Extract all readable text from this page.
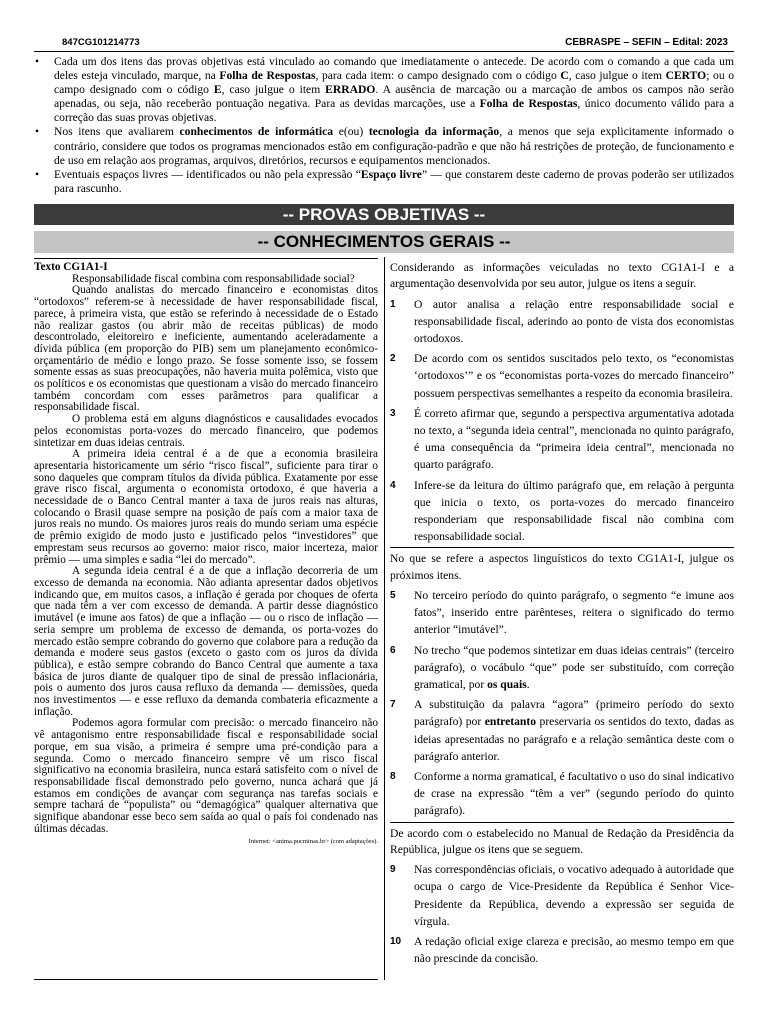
847CG101214773	CEBRASPE – SEFIN – Edital: 2023
• Cada um dos itens das provas objetivas está vinculado ao comando que imediatamente o antecede. De acordo com o comando a que cada um deles esteja vinculado, marque, na Folha de Respostas, para cada item: o campo designado com o código C, caso julgue o item CERTO; ou o campo designado com o código E, caso julgue o item ERRADO. A ausência de marcação ou a marcação de ambos os campos não serão apenadas, ou seja, não receberão pontuação negativa. Para as devidas marcações, use a Folha de Respostas, único documento válido para a correção das suas provas objetivas.
• Nos itens que avaliarem conhecimentos de informática e(ou) tecnologia da informação, a menos que seja explicitamente informado o contrário, considere que todos os programas mencionados estão em configuração-padrão e que não há restrições de proteção, de funcionamento e de uso em relação aos programas, arquivos, diretórios, recursos e equipamentos mencionados.
• Eventuais espaços livres — identificados ou não pela expressão “Espaço livre” — que constarem deste caderno de provas poderão ser utilizados para rascunho.
-- PROVAS OBJETIVAS --
-- CONHECIMENTOS GERAIS --
Texto CG1A1-I

Responsabilidade fiscal combina com responsabilidade social?

Quando analistas do mercado financeiro e economistas ditos “ortodoxos” referem-se à necessidade de haver responsabilidade fiscal, parece, à primeira vista, que estão se referindo à necessidade de o Estado não realizar gastos (ou abrir mão de receitas públicas) de modo descontrolado, eleitoreiro e ineficiente, aumentando aceleradamente a dívida pública (em proporção do PIB) sem um planejamento econômico-orçamentário de médio e longo prazo. Se fosse somente isso, se fossem somente essas as suas preocupações, não haveria muita polêmica, visto que os políticos e os economistas que questionam a visão do mercado financeiro também concordam com esses parâmetros para qualificar a responsabilidade fiscal.

O problema está em alguns diagnósticos e causalidades evocados pelos economistas porta-vozes do mercado financeiro, que podemos sintetizar em duas ideias centrais.

A primeira ideia central é a de que a economia brasileira apresentaria historicamente um sério “risco fiscal”, suficiente para tirar o sono daqueles que compram títulos da dívida pública. Exatamente por esse grave risco fiscal, argumenta o economista ortodoxo, é que haveria a necessidade de o Banco Central manter a taxa de juros reais nas alturas, colocando o Brasil quase sempre na posição de país com a maior taxa de juros reais no mundo. Os maiores juros reais do mundo seriam uma espécie de prêmio exigido de modo justo e justificado pelos “investidores” que emprestam seus recursos ao governo: maior risco, maior incerteza, maior prêmio — uma simples e sadia “lei do mercado”.

A segunda ideia central é a de que a inflação decorreria de um excesso de demanda na economia. Não adianta apresentar dados objetivos indicando que, em muitos casos, a inflação é gerada por choques de oferta que nada têm a ver com excesso de demanda. A partir desse diagnóstico imutável (e imune aos fatos) de que a inflação — ou o risco de inflação — seria sempre um problema de excesso de demanda, os porta-vozes do mercado estão sempre cobrando do governo que colabore para a redução da demanda e modere seus gastos (exceto o gasto com os juros da dívida pública), e estão sempre cobrando do Banco Central que aumente a taxa básica de juros diante de qualquer tipo de sinal de pressão inflacionária, pois o aumento dos juros causa refluxo da demanda — demissões, queda nos investimentos — e esse refluxo da demanda combateria eficazmente a inflação.

Podemos agora formular com precisão: o mercado financeiro não vê antagonismo entre responsabilidade fiscal e responsabilidade social porque, em sua visão, a primeira é sempre uma pré-condição para a segunda. Como o mercado financeiro sempre vê um risco fiscal significativo na economia brasileira, nunca estará satisfeito com o nível de responsabilidade fiscal demonstrado pelo governo, nunca achará que já estamos em condições de avançar com segurança nas tarefas sociais e sempre tachará de “populista” ou “demagógica” qualquer alternativa que signifique abandonar esse beco sem saída ao qual o país foi condenado nas últimas décadas.

Internet: <anima.pucminas.br> (com adaptações).

Considerando as informações veiculadas no texto CG1A1-I e a argumentação desenvolvida por seu autor, julgue os itens a seguir.
1	O autor analisa a relação entre responsabilidade social e responsabilidade fiscal, aderindo ao ponto de vista dos economistas ortodoxos.
2	De acordo com os sentidos suscitados pelo texto, os “economistas ‘ortodoxos’” e os “economistas porta-vozes do mercado financeiro” possuem perspectivas semelhantes a respeito da economia brasileira.
3	É correto afirmar que, segundo a perspectiva argumentativa adotada no texto, a “segunda ideia central”, mencionada no quinto parágrafo, é uma consequência da “primeira ideia central”, mencionada no quarto parágrafo.
4	Infere-se da leitura do último parágrafo que, em relação à pergunta que inicia o texto, os porta-vozes do mercado financeiro responderiam que responsabilidade fiscal não combina com responsabilidade social.
No que se refere a aspectos linguísticos do texto CG1A1-I, julgue os próximos itens.
5	No terceiro período do quinto parágrafo, o segmento “e imune aos fatos”, inserido entre parênteses, reitera o significado do termo anterior “imutável”.
6	No trecho “que podemos sintetizar em duas ideias centrais” (terceiro parágrafo), o vocábulo “que” pode ser substituído, com correção gramatical, por os quais.
7	A substituição da palavra “agora” (primeiro período do sexto parágrafo) por entretanto preservaria os sentidos do texto, dadas as ideias apresentadas no parágrafo e a relação semântica deste com o parágrafo anterior.
8	Conforme a norma gramatical, é facultativo o uso do sinal indicativo de crase na expressão “têm a ver” (segundo período do quinto parágrafo).
De acordo com o estabelecido no Manual de Redação da Presidência da República, julgue os itens que se seguem.
9	Nas correspondências oficiais, o vocativo adequado à autoridade que ocupa o cargo de Vice-Presidente da República é Senhor Vice-Presidente da República, devendo a expressão ser seguida de vírgula.
10	A redação oficial exige clareza e precisão, ao mesmo tempo em que não prescinde da concisão.
